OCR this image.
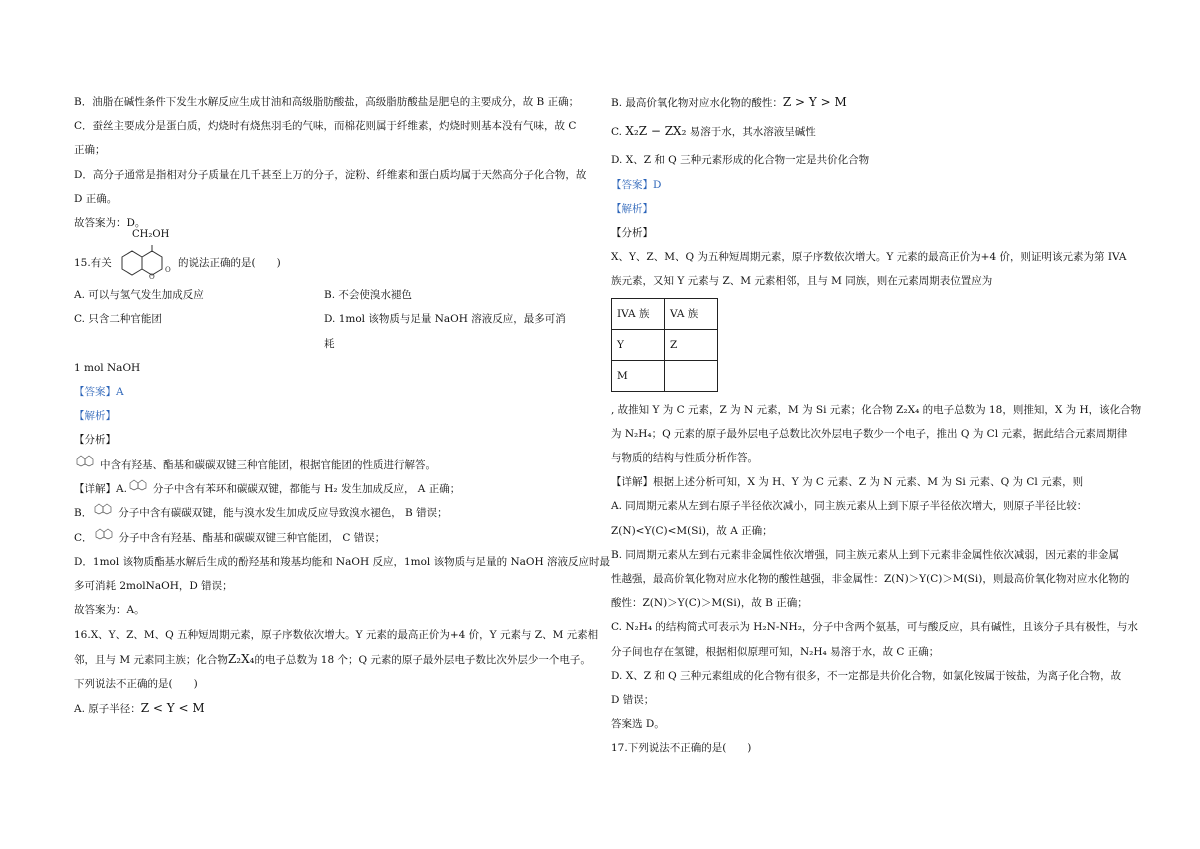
B．油脂在碱性条件下发生水解反应生成甘油和高级脂肪酸盐，高级脂肪酸盐是肥皂的主要成分，故 B 正确；

C．蚕丝主要成分是蛋白质，灼烧时有烧焦羽毛的气味，而棉花则属于纤维素，灼烧时则基本没有气味，故 C

正确；

D．高分子通常是指相对分子质量在几千甚至上万的分子，淀粉、纤维素和蛋白质均属于天然高分子化合物，故

D 正确。

故答案为：D。

15.有关
CH₂OH
O
O
的说法正确的是(　　)
A. 可以与氢气发生加成反应	B. 不会使溴水褪色
C. 只含二种官能团	D. 1mol 该物质与足量 NaOH 溶液反应，最多可消耗

1 mol NaOH

【答案】A

【解析】

【分析】

中含有羟基、酯基和碳碳双键三种官能团，根据官能团的性质进行解答。

【详解】A. 分子中含有苯环和碳碳双键，都能与 H₂ 发生加成反应， A 正确；

B． 分子中含有碳碳双键，能与溴水发生加成反应导致溴水褪色， B 错误；

C． 分子中含有羟基、酯基和碳碳双键三种官能团， C 错误；

D．1mol 该物质酯基水解后生成的酚羟基和羧基均能和 NaOH 反应，1mol 该物质与足量的 NaOH 溶液反应时最

多可消耗 2molNaOH，D 错误；

故答案为：A。

16.X、Y、Z、M、Q 五种短周期元素，原子序数依次增大。Y 元素的最高正价为+4 价，Y 元素与 Z、M 元素相

邻，且与 M 元素同主族；化合物Z₂X₄的电子总数为 18 个；Q 元素的原子最外层电子数比次外层少一个电子。

下列说法不正确的是(　　)

A. 原子半径：Z < Y < M

B. 最高价氧化物对应水化物的酸性：Z > Y > M

C. X₂Z − ZX₂ 易溶于水，其水溶液呈碱性

D. X、Z 和 Q 三种元素形成的化合物一定是共价化合物

【答案】D

【解析】

【分析】

X、Y、Z、M、Q 为五种短周期元素，原子序数依次增大。Y 元素的最高正价为+4 价，则证明该元素为第 IVA

族元素，又知 Y 元素与 Z、M 元素相邻，且与 M 同族，则在元素周期表位置应为

IVA 族	VA 族
Y	Z
M	

, 故推知 Y 为 C 元素，Z 为 N 元素，M 为 Si 元素；化合物 Z₂X₄ 的电子总数为 18，则推知，X 为 H，该化合物

为 N₂H₄；Q 元素的原子最外层电子总数比次外层电子数少一个电子，推出 Q 为 Cl 元素，据此结合元素周期律

与物质的结构与性质分析作答。

【详解】根据上述分析可知，X 为 H、Y 为 C 元素、Z 为 N 元素、M 为 Si 元素、Q 为 Cl 元素，则

A. 同周期元素从左到右原子半径依次减小，同主族元素从上到下原子半径依次增大，则原子半径比较：

Z(N)<Y(C)<M(Si)，故 A 正确；

B. 同周期元素从左到右元素非金属性依次增强，同主族元素从上到下元素非金属性依次减弱，因元素的非金属

性越强，最高价氧化物对应水化物的酸性越强，非金属性：Z(N)＞Y(C)＞M(Si)，则最高价氧化物对应水化物的

酸性：Z(N)＞Y(C)＞M(Si)，故 B 正确；

C. N₂H₄ 的结构简式可表示为 H₂N-NH₂，分子中含两个氨基，可与酸反应，具有碱性，且该分子具有极性，与水

分子间也存在氢键，根据相似原理可知，N₂H₄ 易溶于水，故 C 正确；

D. X、Z 和 Q 三种元素组成的化合物有很多，不一定都是共价化合物，如氯化铵属于铵盐，为离子化合物，故

D 错误；

答案选 D。

17.下列说法不正确的是(　　)
